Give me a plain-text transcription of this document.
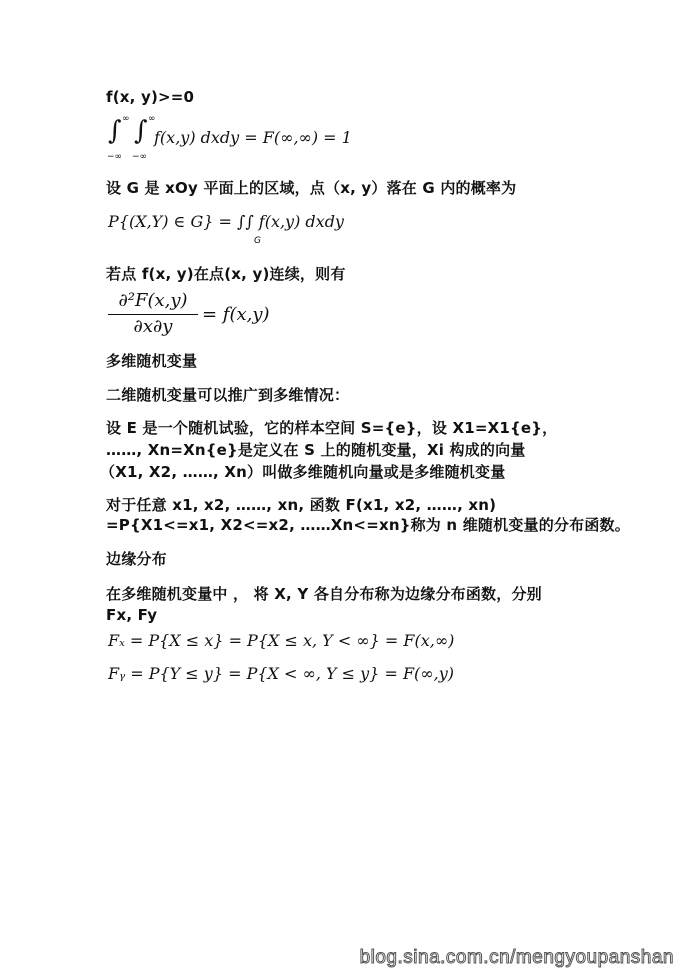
f(x, y)>=0
∫ ∞
−∞
∫ ∞
−∞
f(x,y) dxdy = F(∞,∞) = 1
设 G 是 xOy 平面上的区域，点（x, y）落在 G 内的概率为
P{(X,Y) ∈ G} = ∫∫ f(x,y) dxdy
G
若点 f(x, y)在点(x, y)连续，则有
∂²F(x,y)
∂x∂y
= f(x,y)
多维随机变量
二维随机变量可以推广到多维情况：
设 E 是一个随机试验，它的样本空间 S={e}，设 X1=X1{e}，
……, Xn=Xn{e}是定义在 S 上的随机变量，Xi 构成的向量
（X1, X2, ……, Xn）叫做多维随机向量或是多维随机变量
对于任意 x1, x2, ……, xn, 函数 F(x1, x2, ……, xn)
=P{X1<=x1, X2<=x2, ……Xn<=xn}称为 n 维随机变量的分布函数。
边缘分布
在多维随机变量中 ， 将 X, Y 各自分布称为边缘分布函数，分别
Fx, Fy
Fₓ = P{X ≤ x} = P{X ≤ x, Y < ∞} = F(x,∞)
Fᵧ = P{Y ≤ y} = P{X < ∞, Y ≤ y} = F(∞,y)
blog.sina.com.cn/mengyoupanshan
